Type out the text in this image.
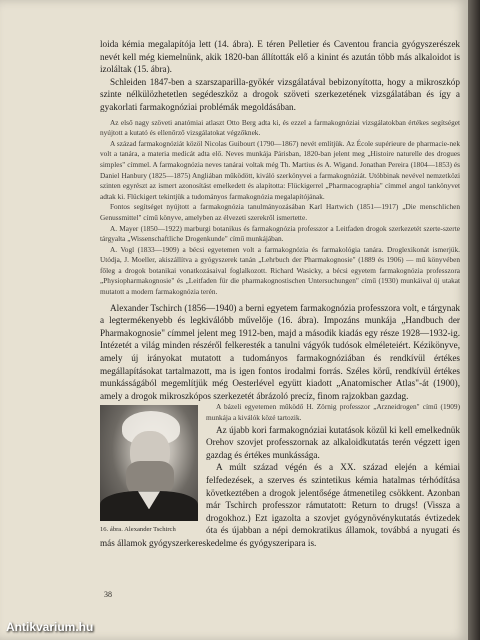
loida kémia megalapítója lett (14. ábra). E téren Pelletier és Caventou francia gyógyszerészek nevét kell még kiemelnünk, akik 1820-ban állították elő a kinint és azután több más alkaloidot is izoláltak (15. ábra).

Schleiden 1847-ben a szarszaparilla-gyökér vizsgálatával bebizonyította, hogy a mikroszkóp szinte nélkülözhetetlen segédeszköz a drogok szöveti szerkezetének vizsgálatában és így a gyakorlati farmakognóziai problémák megoldásában.

Az első nagy szöveti anatómiai atlaszt Otto Berg adta ki, és ezzel a farmakognóziai vizsgálatokban értékes segítséget nyújtott a kutató és ellenőrző vizsgálatokat végzőknek.

A század farmakognóziát közöl Nicolas Guibourt (1790—1867) nevét említjük. Az École supérieure de pharmacie-nek volt a tanára, a materia medicát adta elő. Neves munkája Párisban, 1820-ban jelent meg „Histoire naturelle des drogues simples" címmel. A farmakognózia neves tanárai voltak még Th. Martius és A. Wigand. Jonathan Pereira (1804—1853) és Daniel Hanbury (1825—1875) Angliában működött, kiváló szerkönyvei a farmakognóziát. Utóbbinak nevével nemzetközi szinten egyrészt az ismert azonosítást emelkedett és alapította: Flückigerrel „Pharmacographia" címmel angol tankönyvet adtak ki. Flückigert tekintjük a tudományos farmakognózia megalapítójának.

Fontos segítséget nyújtott a farmakognózia tanulmányozásában Karl Hartwich (1851—1917) „Die menschlichen Genussmittel" című könyve, amelyben az élvezeti szerekről ismertette.

A. Mayer (1850—1922) marburgi botanikus és farmakognózia professzor a Leitfaden drogok szerkezetét szerte-szerte tárgyalta „Wissenschaftliche Drogenkunde" című munkájában.

A. Vogl (1833—1909) a bécsi egyetemen volt a farmakognózia és farmakológia tanára. Droglexikonát ismerjük. Utódja, J. Moeller, akiszállítva a gyógyszerek tanán „Lehrbuch der Pharmakognosie" (1889 és 1906) — mű könyvében főleg a drogok botanikai vonatkozásaival foglalkozott. Richard Wasicky, a bécsi egyetem farmakognózia professzora „Physiopharmakognosie" és „Leitfaden für die pharmakognostischen Untersuchungen" című (1930) munkáival új utakat mutatott a modern farmakognózia terén.

Alexander Tschirch (1856—1940) a berni egyetem farmakognózia professzora volt, e tárgynak a legtermékenyebb és legkiválóbb művelője (16. ábra). Impozáns munkája „Handbuch der Pharmakognosie" címmel jelent meg 1912-ben, majd a második kiadás egy része 1928—1932-ig. Intézetét a világ minden részéről felkeresték a tanulni vágyók tudósok elméleteiért. Kézikönyve, amely új irányokat mutatott a tudományos farmakognóziában és rendkívül értékes megállapításokat tartalmazott, ma is igen fontos irodalmi forrás. Széles körű, rendkívül értékes munkásságából megemlítjük még Oesterlével együtt kiadott „Anatomischer Atlas"-át (1900), amely a drogok mikroszkópos szerkezetét ábrázoló precíz, finom rajzokban gazdag.

16. ábra. Alexander Tschirch

A bázeli egyetemen működő H. Zörnig professzor „Arzneidrogen" című (1909) munkája a kiválók közé tartozik.

Az újabb kori farmakognóziai kutatások közül ki kell emelkednük Orehov szovjet professzornak az alkaloidkutatás terén végzett igen gazdag és értékes munkássága.

A múlt század végén és a XX. század elején a kémiai felfedezések, a szerves és szintetikus kémia hatalmas térhódítása következtében a drogok jelentősége átmenetileg csökkent. Azonban már Tschirch professzor rámutatott: Return to drugs! (Vissza a drogokhoz.) Ezt igazolta a szovjet gyógynövénykutatás évtizedek óta és újabban a népi demokratikus államok, továbbá a nyugati és más államok gyógyszerkereskedelme és gyógyszeripara is.

38
Antikvarium.hu
